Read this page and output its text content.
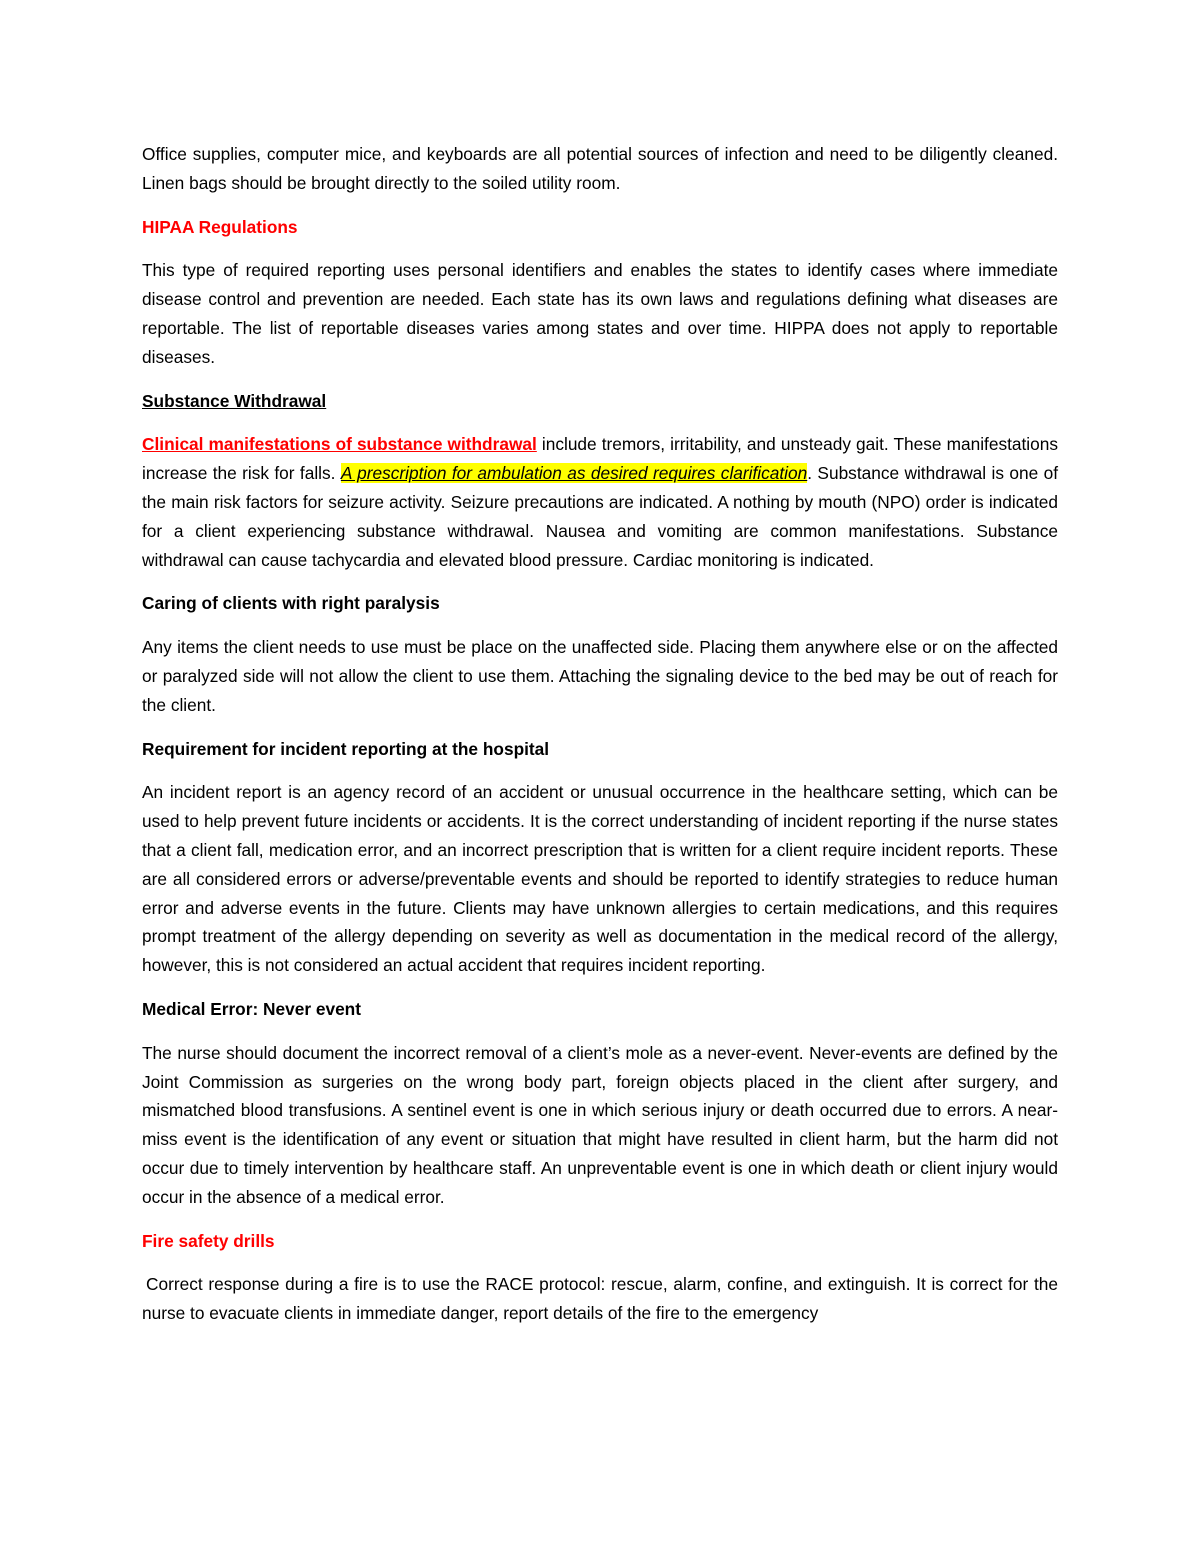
Office supplies, computer mice, and keyboards are all potential sources of infection and need to be diligently cleaned. Linen bags should be brought directly to the soiled utility room.

HIPAA Regulations

This type of required reporting uses personal identifiers and enables the states to identify cases where immediate disease control and prevention are needed. Each state has its own laws and regulations defining what diseases are reportable. The list of reportable diseases varies among states and over time. HIPPA does not apply to reportable diseases.

Substance Withdrawal

Clinical manifestations of substance withdrawal include tremors, irritability, and unsteady gait. These manifestations increase the risk for falls. A prescription for ambulation as desired requires clarification. Substance withdrawal is one of the main risk factors for seizure activity. Seizure precautions are indicated. A nothing by mouth (NPO) order is indicated for a client experiencing substance withdrawal. Nausea and vomiting are common manifestations. Substance withdrawal can cause tachycardia and elevated blood pressure. Cardiac monitoring is indicated.

Caring of clients with right paralysis

Any items the client needs to use must be place on the unaffected side. Placing them anywhere else or on the affected or paralyzed side will not allow the client to use them. Attaching the signaling device to the bed may be out of reach for the client.

Requirement for incident reporting at the hospital

An incident report is an agency record of an accident or unusual occurrence in the healthcare setting, which can be used to help prevent future incidents or accidents. It is the correct understanding of incident reporting if the nurse states that a client fall, medication error, and an incorrect prescription that is written for a client require incident reports. These are all considered errors or adverse/preventable events and should be reported to identify strategies to reduce human error and adverse events in the future. Clients may have unknown allergies to certain medications, and this requires prompt treatment of the allergy depending on severity as well as documentation in the medical record of the allergy, however, this is not considered an actual accident that requires incident reporting.

Medical Error: Never event

The nurse should document the incorrect removal of a client’s mole as a never-event. Never-events are defined by the Joint Commission as surgeries on the wrong body part, foreign objects placed in the client after surgery, and mismatched blood transfusions. A sentinel event is one in which serious injury or death occurred due to errors. A near-miss event is the identification of any event or situation that might have resulted in client harm, but the harm did not occur due to timely intervention by healthcare staff. An unpreventable event is one in which death or client injury would occur in the absence of a medical error.

Fire safety drills

Correct response during a fire is to use the RACE protocol: rescue, alarm, confine, and extinguish. It is correct for the nurse to evacuate clients in immediate danger, report details of the fire to the emergency
